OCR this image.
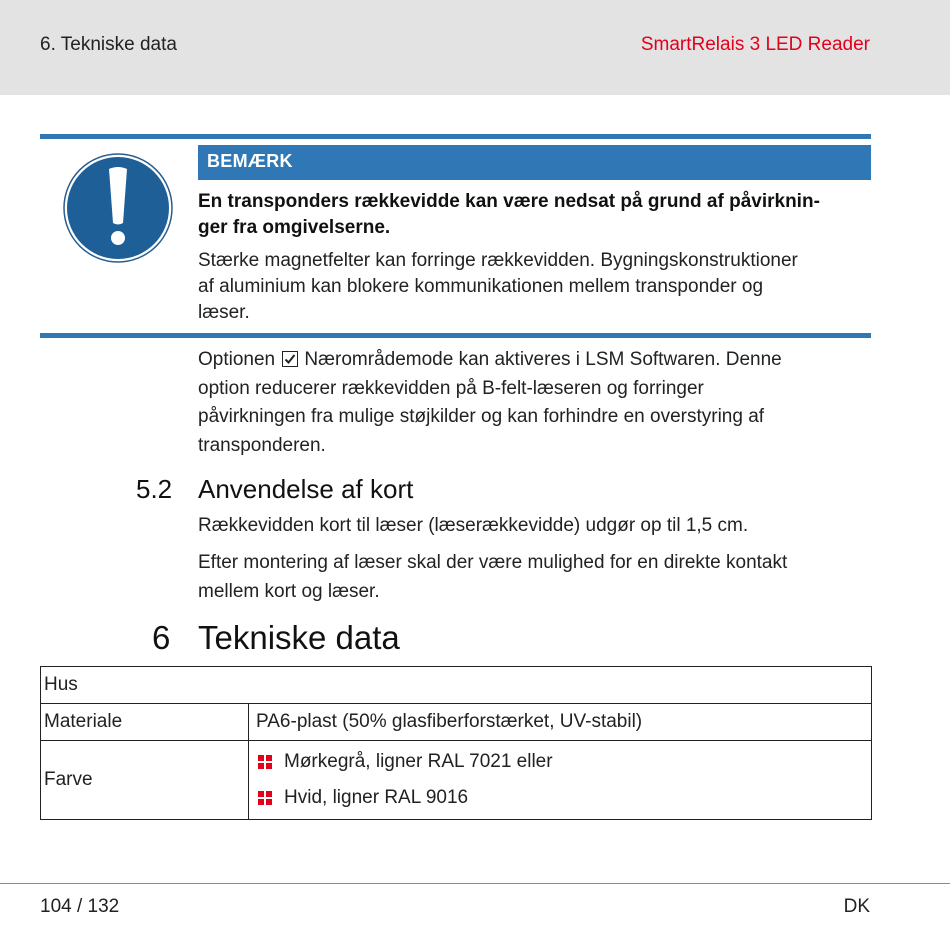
6. Tekniske data	SmartRelais 3 LED Reader
BEMÆRK
En transponders rækkevidde kan være nedsat på grund af påvirknin-
ger fra omgivelserne.
Stærke magnetfelter kan forringe rækkevidden. Bygningskonstruktioner
af aluminium kan blokere kommunikationen mellem transponder og
læser.
Optionen Nærområdemode kan aktiveres i LSM Softwaren. Denne
option reducerer rækkevidden på B-felt-læseren og forringer
påvirkningen fra mulige støjkilder og kan forhindre en overstyring af
transponderen.
5.2 Anvendelse af kort
Rækkevidden kort til læser (læserækkevidde) udgør op til 1,5 cm.
Efter montering af læser skal der være mulighed for en direkte kontakt
mellem kort og læser.
6 Tekniske data
Hus	
Materiale	PA6-plast (50% glasfiberforstærket, UV-stabil)
Farve	Mørkegrå, ligner RAL 7021 eller
Hvid, ligner RAL 9016
104 / 132	DK
